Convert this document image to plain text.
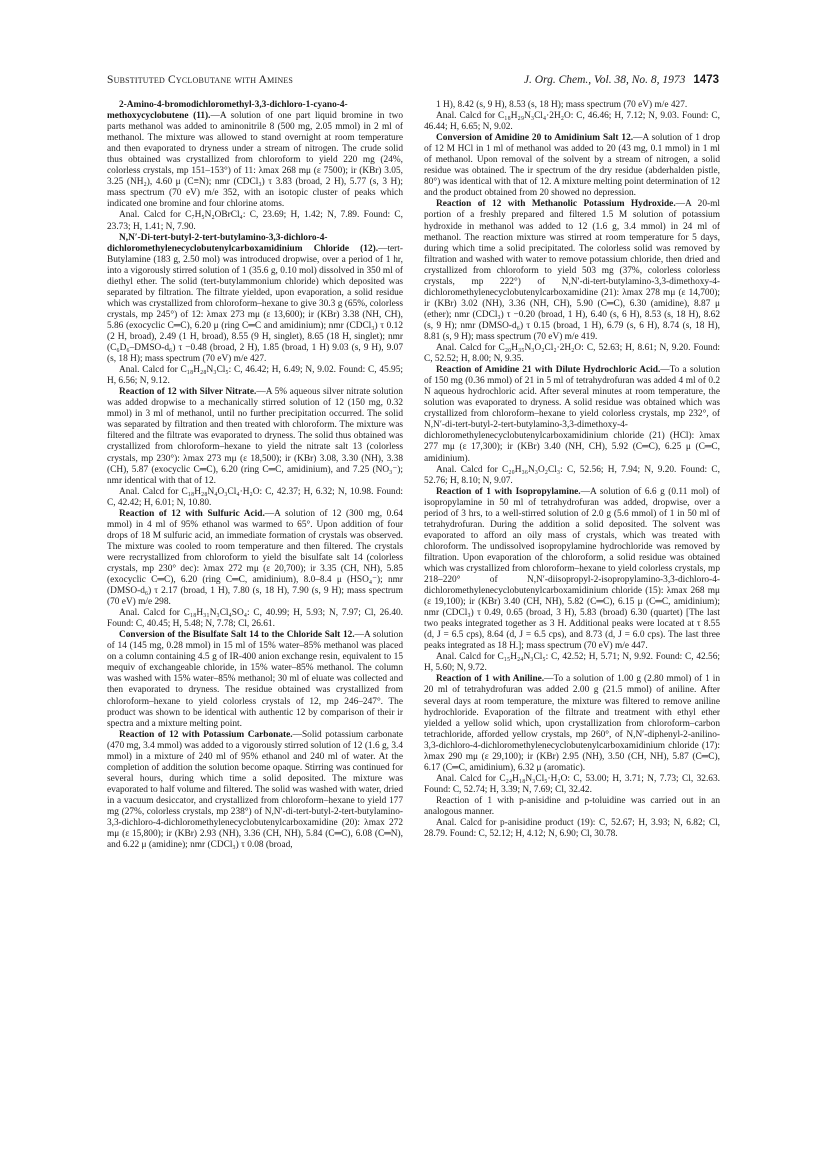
Substituted Cyclobutane with Amines	J. Org. Chem., Vol. 38, No. 8, 1973 1473

2-Amino-4-bromodichloromethyl-3,3-dichloro-1-cyano-4-methoxycyclobutene (11).—A solution of one part liquid bromine in two parts methanol was added to aminonitrile 8 (500 mg, 2.05 mmol) in 2 ml of methanol. The mixture was allowed to stand overnight at room temperature and then evaporated to dryness under a stream of nitrogen. The crude solid thus obtained was crystallized from chloroform to yield 220 mg (24%, colorless crystals, mp 151–153°) of 11: λmax 268 mμ (ε 7500); ir (KBr) 3.05, 3.25 (NH₂), 4.60 μ (C≡N); nmr (CDCl₃) τ 3.83 (broad, 2 H), 5.77 (s, 3 H); mass spectrum (70 eV) m/e 352, with an isotopic cluster of peaks which indicated one bromine and four chlorine atoms.

Anal. Calcd for C₇H₅N₂OBrCl₄: C, 23.69; H, 1.42; N, 7.89. Found: C, 23.73; H, 1.41; N, 7.90.

N,N′-Di-tert-butyl-2-tert-butylamino-3,3-dichloro-4-dichloromethylenecyclobutenylcarboxamidinium Chloride (12).—tert-Butylamine (183 g, 2.50 mol) was introduced dropwise, over a period of 1 hr, into a vigorously stirred solution of 1 (35.6 g, 0.10 mol) dissolved in 350 ml of diethyl ether. The solid (tert-butylammonium chloride) which deposited was separated by filtration. The filtrate yielded, upon evaporation, a solid residue which was crystallized from chloroform–hexane to give 30.3 g (65%, colorless crystals, mp 245°) of 12: λmax 273 mμ (ε 13,600); ir (KBr) 3.38 (NH, CH), 5.86 (exocyclic C═C), 6.20 μ (ring C═C and amidinium); nmr (CDCl₃) τ 0.12 (2 H, broad), 2.49 (1 H, broad), 8.55 (9 H, singlet), 8.65 (18 H, singlet); nmr (C₆D₆–DMSO-d₆) τ −0.48 (broad, 2 H), 1.85 (broad, 1 H) 9.03 (s, 9 H), 9.07 (s, 18 H); mass spectrum (70 eV) m/e 427.

Anal. Calcd for C₁₈H₂₈N₃Cl₅: C, 46.42; H, 6.49; N, 9.02. Found: C, 45.95; H, 6.56; N, 9.12.

Reaction of 12 with Silver Nitrate.—A 5% aqueous silver nitrate solution was added dropwise to a mechanically stirred solution of 12 (150 mg, 0.32 mmol) in 3 ml of methanol, until no further precipitation occurred. The solid was separated by filtration and then treated with chloroform. The mixture was filtered and the filtrate was evaporated to dryness. The solid thus obtained was crystallized from chloroform–hexane to yield the nitrate salt 13 (colorless crystals, mp 230°): λmax 273 mμ (ε 18,500); ir (KBr) 3.08, 3.30 (NH), 3.38 (CH), 5.87 (exocyclic C═C), 6.20 (ring C═C, amidinium), and 7.25 (NO₃⁻); nmr identical with that of 12.

Anal. Calcd for C₁₈H₂₈N₄O₃Cl₄·H₂O: C, 42.37; H, 6.32; N, 10.98. Found: C, 42.42; H, 6.01; N, 10.80.

Reaction of 12 with Sulfuric Acid.—A solution of 12 (300 mg, 0.64 mmol) in 4 ml of 95% ethanol was warmed to 65°. Upon addition of four drops of 18 M sulfuric acid, an immediate formation of crystals was observed. The mixture was cooled to room temperature and then filtered. The crystals were recrystallized from chloroform to yield the bisulfate salt 14 (colorless crystals, mp 230° dec): λmax 272 mμ (ε 20,700); ir 3.35 (CH, NH), 5.85 (exocyclic C═C), 6.20 (ring C═C, amidinium), 8.0–8.4 μ (HSO₄⁻); nmr (DMSO-d₆) τ 2.17 (broad, 1 H), 7.80 (s, 18 H), 7.90 (s, 9 H); mass spectrum (70 eV) m/e 298.

Anal. Calcd for C₁₈H₃₁N₃Cl₄SO₄: C, 40.99; H, 5.93; N, 7.97; Cl, 26.40. Found: C, 40.45; H, 5.48; N, 7.78; Cl, 26.61.

Conversion of the Bisulfate Salt 14 to the Chloride Salt 12.—A solution of 14 (145 mg, 0.28 mmol) in 15 ml of 15% water–85% methanol was placed on a column containing 4.5 g of IR-400 anion exchange resin, equivalent to 15 mequiv of exchangeable chloride, in 15% water–85% methanol. The column was washed with 15% water–85% methanol; 30 ml of eluate was collected and then evaporated to dryness. The residue obtained was crystallized from chloroform–hexane to yield colorless crystals of 12, mp 246–247°. The product was shown to be identical with authentic 12 by comparison of their ir spectra and a mixture melting point.

Reaction of 12 with Potassium Carbonate.—Solid potassium carbonate (470 mg, 3.4 mmol) was added to a vigorously stirred solution of 12 (1.6 g, 3.4 mmol) in a mixture of 240 ml of 95% ethanol and 240 ml of water. At the completion of addition the solution become opaque. Stirring was continued for several hours, during which time a solid deposited. The mixture was evaporated to half volume and filtered. The solid was washed with water, dried in a vacuum desiccator, and crystallized from chloroform–hexane to yield 177 mg (27%, colorless crystals, mp 238°) of N,N′-di-tert-butyl-2-tert-butylamino-3,3-dichloro-4-dichloromethylenecyclobutenylcarboxamidine (20): λmax 272 mμ (ε 15,800); ir (KBr) 2.93 (NH), 3.36 (CH, NH), 5.84 (C═C), 6.08 (C═N), and 6.22 μ (amidine); nmr (CDCl₃) τ 0.08 (broad,

1 H), 8.42 (s, 9 H), 8.53 (s, 18 H); mass spectrum (70 eV) m/e 427.

Anal. Calcd for C₁₈H₂₉N₃Cl₄·2H₂O: C, 46.46; H, 7.12; N, 9.03. Found: C, 46.44; H, 6.65; N, 9.02.

Conversion of Amidine 20 to Amidinium Salt 12.—A solution of 1 drop of 12 M HCl in 1 ml of methanol was added to 20 (43 mg, 0.1 mmol) in 1 ml of methanol. Upon removal of the solvent by a stream of nitrogen, a solid residue was obtained. The ir spectrum of the dry residue (abderhalden pistle, 80°) was identical with that of 12. A mixture melting point determination of 12 and the product obtained from 20 showed no depression.

Reaction of 12 with Methanolic Potassium Hydroxide.—A 20-ml portion of a freshly prepared and filtered 1.5 M solution of potassium hydroxide in methanol was added to 12 (1.6 g, 3.4 mmol) in 24 ml of methanol. The reaction mixture was stirred at room temperature for 5 days, during which time a solid precipitated. The colorless solid was removed by filtration and washed with water to remove potassium chloride, then dried and crystallized from chloroform to yield 503 mg (37%, colorless colorless crystals, mp 222°) of N,N′-di-tert-butylamino-3,3-dimethoxy-4-dichloromethylenecyclobutenylcarboxamidine (21): λmax 278 mμ (ε 14,700); ir (KBr) 3.02 (NH), 3.36 (NH, CH), 5.90 (C═C), 6.30 (amidine), 8.87 μ (ether); nmr (CDCl₃) τ −0.20 (broad, 1 H), 6.40 (s, 6 H), 8.53 (s, 18 H), 8.62 (s, 9 H); nmr (DMSO-d₆) τ 0.15 (broad, 1 H), 6.79 (s, 6 H), 8.74 (s, 18 H), 8.81 (s, 9 H); mass spectrum (70 eV) m/e 419.

Anal. Calcd for C₂₀H₃₅N₃O₂Cl₂·2H₂O: C, 52.63; H, 8.61; N, 9.20. Found: C, 52.52; H, 8.00; N, 9.35.

Reaction of Amidine 21 with Dilute Hydrochloric Acid.—To a solution of 150 mg (0.36 mmol) of 21 in 5 ml of tetrahydrofuran was added 4 ml of 0.2 N aqueous hydrochloric acid. After several minutes at room temperature, the solution was evaporated to dryness. A solid residue was obtained which was crystallized from chloroform–hexane to yield colorless crystals, mp 232°, of N,N′-di-tert-butyl-2-tert-butylamino-3,3-dimethoxy-4-dichloromethylenecyclobutenylcarboxamidinium chloride (21) (HCl): λmax 277 mμ (ε 17,300); ir (KBr) 3.40 (NH, CH), 5.92 (C═C), 6.25 μ (C═C, amidinium).

Anal. Calcd for C₂₀H₃₆N₃O₂Cl₃: C, 52.56; H, 7.94; N, 9.20. Found: C, 52.76; H, 8.10; N, 9.07.

Reaction of 1 with Isopropylamine.—A solution of 6.6 g (0.11 mol) of isopropylamine in 50 ml of tetrahydrofuran was added, dropwise, over a period of 3 hrs, to a well-stirred solution of 2.0 g (5.6 mmol) of 1 in 50 ml of tetrahydrofuran. During the addition a solid deposited. The solvent was evaporated to afford an oily mass of crystals, which was treated with chloroform. The undissolved isopropylamine hydrochloride was removed by filtration. Upon evaporation of the chloroform, a solid residue was obtained which was crystallized from chloroform–hexane to yield colorless crystals, mp 218–220° of N,N′-diisopropyl-2-isopropylamino-3,3-dichloro-4-dichloromethylenecyclobutenylcarboxamidinium chloride (15): λmax 268 mμ (ε 19,100); ir (KBr) 3.40 (CH, NH), 5.82 (C═C), 6.15 μ (C═C, amidinium); nmr (CDCl₃) τ 0.49, 0.65 (broad, 3 H), 5.83 (broad) 6.30 (quartet) [The last two peaks integrated together as 3 H. Additional peaks were located at τ 8.55 (d, J = 6.5 cps), 8.64 (d, J = 6.5 cps), and 8.73 (d, J = 6.0 cps). The last three peaks integrated as 18 H.]; mass spectrum (70 eV) m/e 447.

Anal. Calcd for C₁₅H₂₄N₃Cl₅: C, 42.52; H, 5.71; N, 9.92. Found: C, 42.56; H, 5.60; N, 9.72.

Reaction of 1 with Aniline.—To a solution of 1.00 g (2.80 mmol) of 1 in 20 ml of tetrahydrofuran was added 2.00 g (21.5 mmol) of aniline. After several days at room temperature, the mixture was filtered to remove aniline hydrochloride. Evaporation of the filtrate and treatment with ethyl ether yielded a yellow solid which, upon crystallization from chloroform–carbon tetrachloride, afforded yellow crystals, mp 260°, of N,N′-diphenyl-2-anilino-3,3-dichloro-4-dichloromethylenecyclobutenylcarboxamidinium chloride (17): λmax 290 mμ (ε 29,100); ir (KBr) 2.95 (NH), 3.50 (CH, NH), 5.87 (C═C), 6.17 (C═C, amidinium), 6.32 μ (aromatic).

Anal. Calcd for C₂₄H₁₈N₃Cl₅·H₂O: C, 53.00; H, 3.71; N, 7.73; Cl, 32.63. Found: C, 52.74; H, 3.39; N, 7.69; Cl, 32.42.

Reaction of 1 with p-anisidine and p-toluidine was carried out in an analogous manner.

Anal. Calcd for p-anisidine product (19): C, 52.67; H, 3.93; N, 6.82; Cl, 28.79. Found: C, 52.12; H, 4.12; N, 6.90; Cl, 30.78.
